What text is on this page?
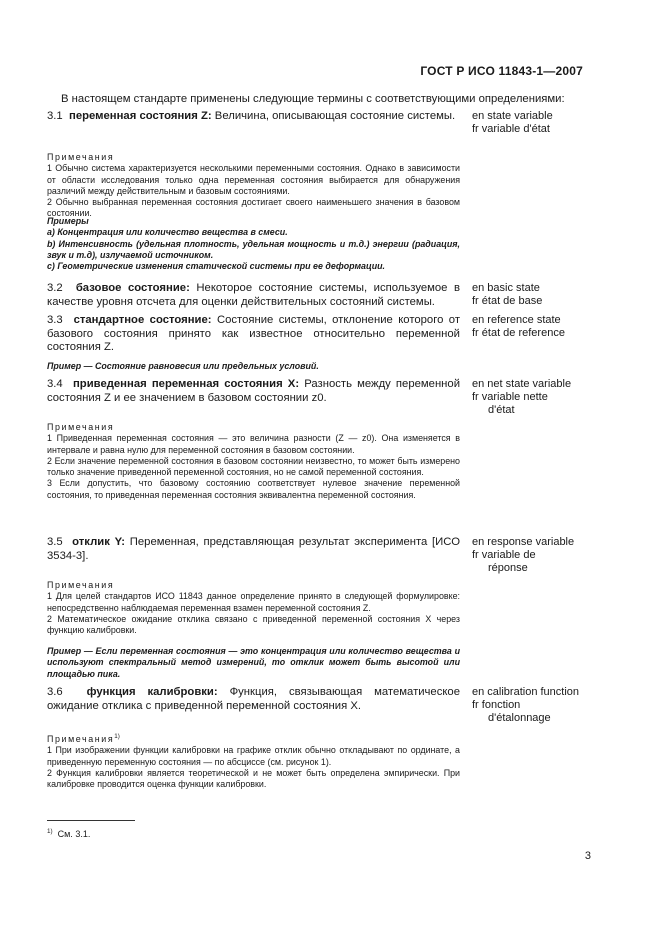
ГОСТ Р ИСО 11843-1—2007
В настоящем стандарте применены следующие термины с соответствующими определениями:
3.1 переменная состояния Z: Величина, описывающая состояние системы.	en state variable
fr variable d'état
Примечания
1 Обычно система характеризуется несколькими переменными состояния. Однако в зависимости от области исследования только одна переменная состояния выбирается для обнаружения различий между действительным и базовым состояниями.
2 Обычно выбранная переменная состояния достигает своего наименьшего значения в базовом состоянии.
Примеры
a) Концентрация или количество вещества в смеси.
b) Интенсивность (удельная плотность, удельная мощность и т.д.) энергии (радиация, звук и т.д), излучаемой источником.
c) Геометрические изменения статической системы при ее деформации.
3.2 базовое состояние: Некоторое состояние системы, используемое в качестве уровня отсчета для оценки действительных состояний системы.
en basic state
fr état de base
3.3 стандартное состояние: Состояние системы, отклонение которого от базового состояния принято как известное относительно переменной состояния Z.
en reference state
fr état de reference
Пример — Состояние равновесия или предельных условий.
3.4 приведенная переменная состояния X: Разность между переменной состояния Z и ее значением в базовом состоянии z0.
en net state variable
fr variable nette
d'état
Примечания
1 Приведенная переменная состояния — это величина разности (Z — z0). Она изменяется в интервале и равна нулю для переменной состояния в базовом состоянии.
2 Если значение переменной состояния в базовом состоянии неизвестно, то может быть измерено только значение приведенной переменной состояния, но не самой переменной состояния.
3 Если допустить, что базовому состоянию соответствует нулевое значение переменной состояния, то приведенная переменная состояния эквивалентна переменной состояния.
3.5 отклик Y: Переменная, представляющая результат эксперимента [ИСО 3534-3].
en response variable
fr variable de
réponse
Примечания
1 Для целей стандартов ИСО 11843 данное определение принято в следующей формулировке: непосредственно наблюдаемая переменная взамен переменной состояния Z.
2 Математическое ожидание отклика связано с приведенной переменной состояния X через функцию калибровки.
Пример — Если переменная состояния — это концентрация или количество вещества и используют спектральный метод измерений, то отклик может быть высотой или площадью пика.
3.6 функция калибровки: Функция, связывающая математическое ожидание отклика с приведенной переменной состояния X.
en calibration function
fr fonction
d'étalonnage
Примечания$^{1)}$
1 При изображении функции калибровки на графике отклик обычно откладывают по ординате, а приведенную переменную состояния — по абсциссе (см. рисунок 1).
2 Функция калибровки является теоретической и не может быть определена эмпирически. При калибровке проводится оценка функции калибровки.
$^{1)}$ См. 3.1.
3
